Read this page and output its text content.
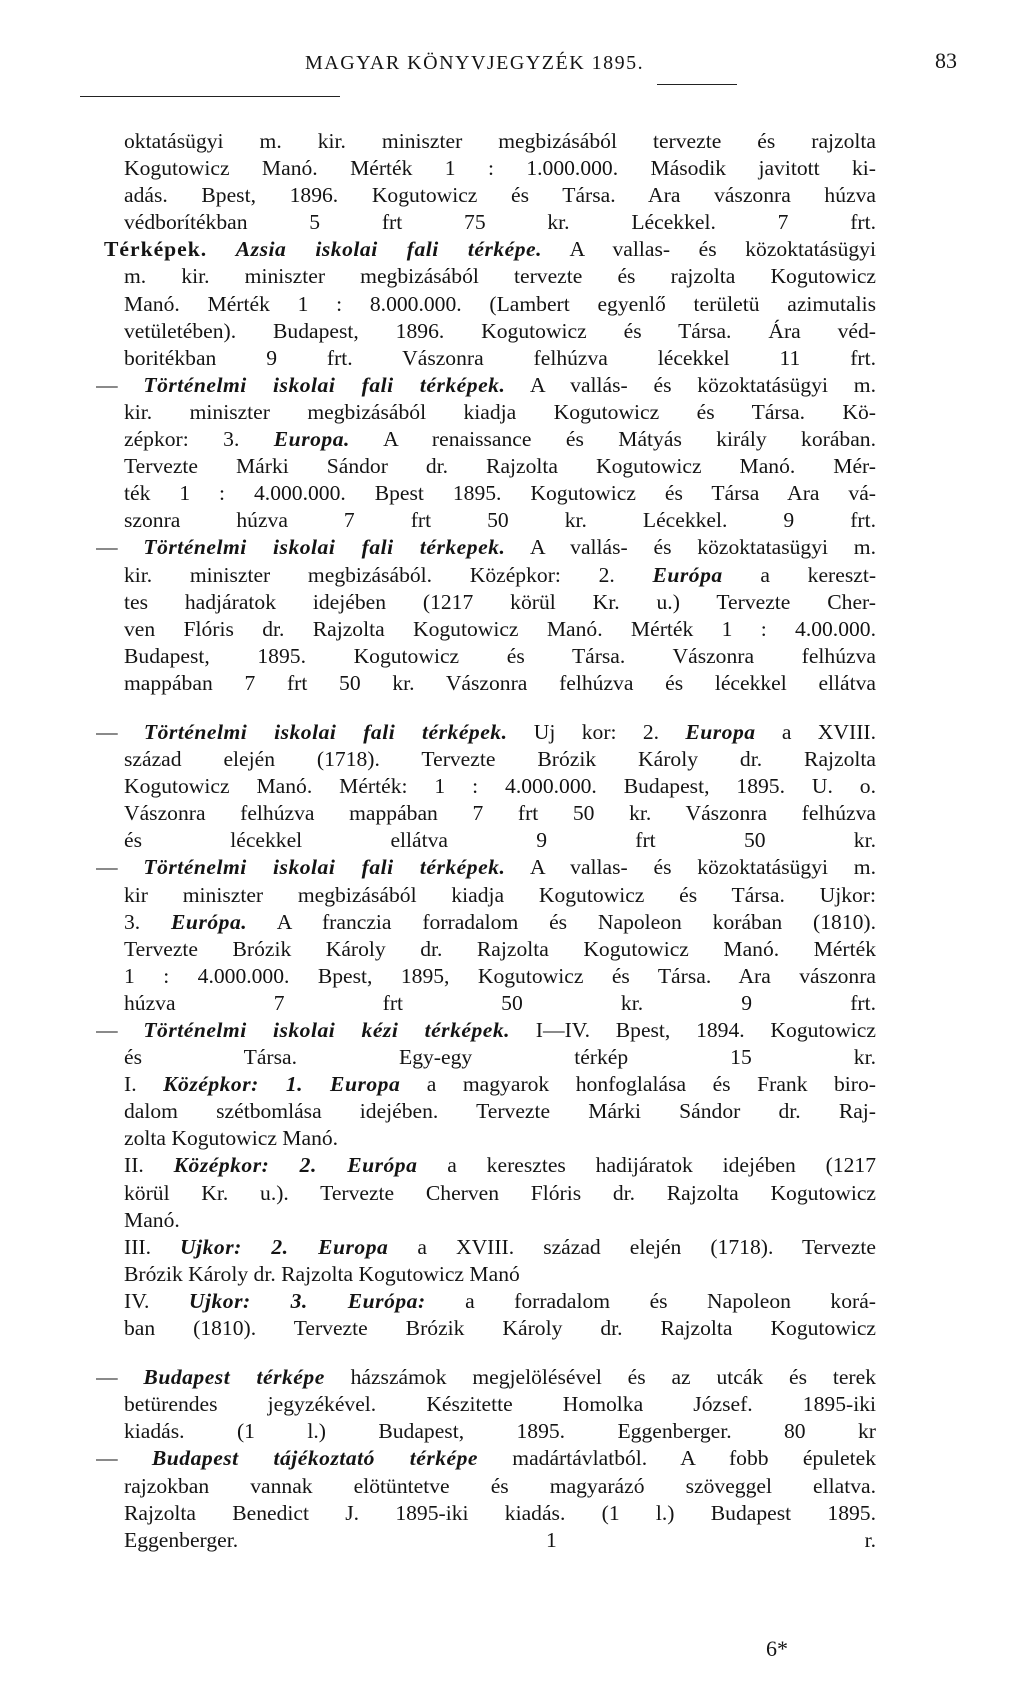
MAGYAR KÖNYVJEGYZÉK 1895.	83
oktatásügyi m. kir. miniszter megbizásából tervezte és rajzolta
Kogutowicz Manó. Mérték 1 : 1.000.000. Második javitott ki-
adás. Bpest, 1896. Kogutowicz és Társa. Ara vászonra húzva
védborítékban 5 frt 75 kr. Lécekkel. 7 frt.
Térképek. Azsia iskolai fali térképe. A vallas- és közoktatásügyi
m. kir. miniszter megbizásából tervezte és rajzolta Kogutowicz
Manó. Mérték 1 : 8.000.000. (Lambert egyenlő területü azimutalis
vetületében). Budapest, 1896. Kogutowicz és Társa. Ára véd-
boritékban 9 frt. Vászonra felhúzva lécekkel 11 frt.
— Történelmi iskolai fali térképek. A vallás- és közoktatásügyi m.
kir. miniszter megbizásából kiadja Kogutowicz és Társa. Kö-
zépkor: 3. Europa. A renaissance és Mátyás király korában.
Tervezte Márki Sándor dr. Rajzolta Kogutowicz Manó. Mér-
ték 1 : 4.000.000. Bpest 1895. Kogutowicz és Társa Ara vá-
szonra húzva 7 frt 50 kr. Lécekkel. 9 frt.
— Történelmi iskolai fali térkepek. A vallás- és közoktatasügyi m.
kir. miniszter megbizásából. Középkor: 2. Európa a kereszt-
tes hadjáratok idejében (1217 körül Kr. u.) Tervezte Cher-
ven Flóris dr. Rajzolta Kogutowicz Manó. Mérték 1 : 4.00.000.
Budapest, 1895. Kogutowicz és Társa. Vászonra felhúzva
mappában 7 frt 50 kr. Vászonra felhúzva és lécekkel ellátva
— Történelmi iskolai fali térképek. Uj kor: 2. Europa a XVIII.
század elején (1718). Tervezte Brózik Károly dr. Rajzolta
Kogutowicz Manó. Mérték: 1 : 4.000.000. Budapest, 1895. U. o.
Vászonra felhúzva mappában 7 frt 50 kr. Vászonra felhúzva
és lécekkel ellátva 9 frt 50 kr.
— Történelmi iskolai fali térképek. A vallas- és közoktatásügyi m.
kir miniszter megbizásából kiadja Kogutowicz és Társa. Ujkor:
3. Európa. A franczia forradalom és Napoleon korában (1810).
Tervezte Brózik Károly dr. Rajzolta Kogutowicz Manó. Mérték
1 : 4.000.000. Bpest, 1895, Kogutowicz és Társa. Ara vászonra
húzva 7 frt 50 kr. 9 frt.
— Történelmi iskolai kézi térképek. I—IV. Bpest, 1894. Kogutowicz
és Társa. Egy-egy térkép 15 kr.
I. Középkor: 1. Europa a magyarok honfoglalása és Frank biro-
dalom szétbomlása idejében. Tervezte Márki Sándor dr. Raj-
zolta Kogutowicz Manó.
II. Középkor: 2. Európa a keresztes hadijáratok idejében (1217
körül Kr. u.). Tervezte Cherven Flóris dr. Rajzolta Kogutowicz
Manó.
III. Ujkor: 2. Europa a XVIII. század elején (1718). Tervezte
Brózik Károly dr. Rajzolta Kogutowicz Manó
IV. Ujkor: 3. Európa: a forradalom és Napoleon korá-
ban (1810). Tervezte Brózik Károly dr. Rajzolta Kogutowicz
— Budapest térképe házszámok megjelölésével és az utcák és terek
betürendes jegyzékével. Készitette Homolka József. 1895-iki
kiadás. (1 l.) Budapest, 1895. Eggenberger. 80 kr
— Budapest tájékoztató térképe madártávlatból. A fobb épuletek
rajzokban vannak elötüntetve és magyarázó szöveggel ellatva.
Rajzolta Benedict J. 1895-iki kiadás. (1 l.) Budapest 1895.
Eggenberger. 1 r.
6*
